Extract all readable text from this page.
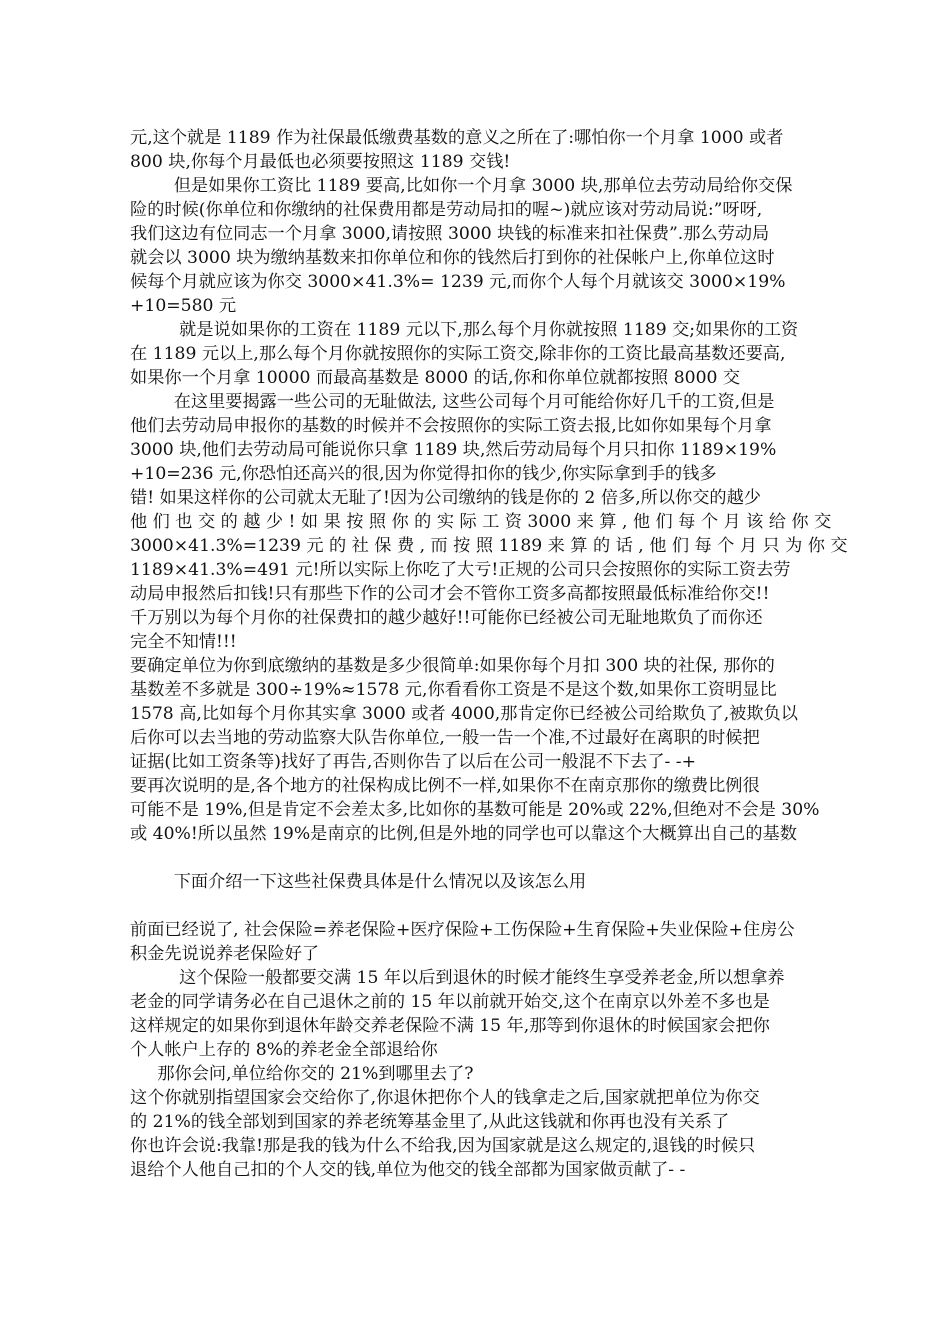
元,这个就是 1189 作为社保最低缴费基数的意义之所在了:哪怕你一个月拿 1000 或者
800 块,你每个月最低也必须要按照这 1189 交钱!
但是如果你工资比 1189 要高,比如你一个月拿 3000 块,那单位去劳动局给你交保
险的时候(你单位和你缴纳的社保费用都是劳动局扣的喔~)就应该对劳动局说:”呀呀,
我们这边有位同志一个月拿 3000,请按照 3000 块钱的标准来扣社保费”.那么劳动局
就会以 3000 块为缴纳基数来扣你单位和你的钱然后打到你的社保帐户上,你单位这时
候每个月就应该为你交 3000×41.3%= 1239 元,而你个人每个月就该交 3000×19%
+10=580 元
就是说如果你的工资在 1189 元以下,那么每个月你就按照 1189 交;如果你的工资
在 1189 元以上,那么每个月你就按照你的实际工资交,除非你的工资比最高基数还要高,
如果你一个月拿 10000 而最高基数是 8000 的话,你和你单位就都按照 8000 交
在这里要揭露一些公司的无耻做法, 这些公司每个月可能给你好几千的工资,但是
他们去劳动局申报你的基数的时候并不会按照你的实际工资去报,比如你如果每个月拿
3000 块,他们去劳动局可能说你只拿 1189 块,然后劳动局每个月只扣你 1189×19%
+10=236 元,你恐怕还高兴的很,因为你觉得扣你的钱少,你实际拿到手的钱多
错! 如果这样你的公司就太无耻了!因为公司缴纳的钱是你的 2 倍多,所以你交的越少
他 们 也 交 的 越 少 ! 如 果 按 照 你 的 实 际 工 资 3000 来 算 , 他 们 每 个 月 该 给 你 交
3000×41.3%=1239 元 的 社 保 费 , 而 按 照 1189 来 算 的 话 , 他 们 每 个 月 只 为 你 交
1189×41.3%=491 元!所以实际上你吃了大亏!正规的公司只会按照你的实际工资去劳
动局申报然后扣钱!只有那些下作的公司才会不管你工资多高都按照最低标准给你交!!
千万别以为每个月你的社保费扣的越少越好!!可能你已经被公司无耻地欺负了而你还
完全不知情!!!
要确定单位为你到底缴纳的基数是多少很简单:如果你每个月扣 300 块的社保, 那你的
基数差不多就是 300÷19%≈1578 元,你看看你工资是不是这个数,如果你工资明显比
1578 高,比如每个月你其实拿 3000 或者 4000,那肯定你已经被公司给欺负了,被欺负以
后你可以去当地的劳动监察大队告你单位,一般一告一个准,不过最好在离职的时候把
证据(比如工资条等)找好了再告,否则你告了以后在公司一般混不下去了- -+
要再次说明的是,各个地方的社保构成比例不一样,如果你不在南京那你的缴费比例很
可能不是 19%,但是肯定不会差太多,比如你的基数可能是 20%或 22%,但绝对不会是 30%
或 40%!所以虽然 19%是南京的比例,但是外地的同学也可以靠这个大概算出自己的基数
下面介绍一下这些社保费具体是什么情况以及该怎么用
前面已经说了, 社会保险=养老保险+医疗保险+工伤保险+生育保险+失业保险+住房公
积金先说说养老保险好了
这个保险一般都要交满 15 年以后到退休的时候才能终生享受养老金,所以想拿养
老金的同学请务必在自己退休之前的 15 年以前就开始交,这个在南京以外差不多也是
这样规定的如果你到退休年龄交养老保险不满 15 年,那等到你退休的时候国家会把你
个人帐户上存的 8%的养老金全部退给你
那你会问,单位给你交的 21%到哪里去了?
这个你就别指望国家会交给你了,你退休把你个人的钱拿走之后,国家就把单位为你交
的 21%的钱全部划到国家的养老统筹基金里了,从此这钱就和你再也没有关系了
你也许会说:我靠!那是我的钱为什么不给我,因为国家就是这么规定的,退钱的时候只
退给个人他自己扣的个人交的钱,单位为他交的钱全部都为国家做贡献了- -
